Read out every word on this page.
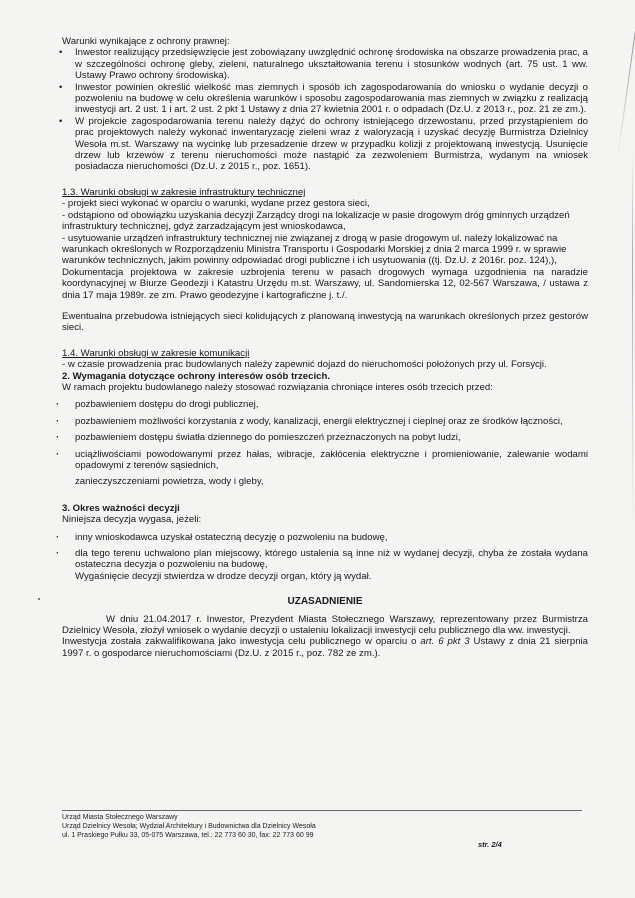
Warunki wynikające z ochrony prawnej:

• Inwestor realizujący przedsięwzięcie jest zobowiązany uwzględnić ochronę środowiska na obszarze prowadzenia prac, a w szczególności ochronę gleby, zieleni, naturalnego ukształtowania terenu i stosunków wodnych (art. 75 ust. 1 ww. Ustawy Prawo ochrony środowiska).
• Inwestor powinien określić wielkość mas ziemnych i sposób ich zagospodarowania do wniosku o wydanie decyzji o pozwoleniu na budowę w celu określenia warunków i sposobu zagospodarowania mas ziemnych w związku z realizacją inwestycji art. 2 ust. 1 i art. 2 ust. 2 pkt 1 Ustawy z dnia 27 kwietnia 2001 r. o odpadach (Dz.U. z 2013 r., poz. 21 ze zm.).
• W projekcie zagospodarowania terenu należy dążyć do ochrony istniejącego drzewostanu, przed przystąpieniem do prac projektowych należy wykonać inwentaryzację zieleni wraz z waloryzacją i uzyskać decyzję Burmistrza Dzielnicy Wesoła m.st. Warszawy na wycinkę lub przesadzenie drzew w przypadku kolizji z projektowaną inwestycją. Usunięcie drzew lub krzewów z terenu nieruchomości może nastąpić za zezwoleniem Burmistrza, wydanym na wniosek posiadacza nieruchomości (Dz.U. z 2015 r., poz. 1651).

1.3. Warunki obsługi w zakresie infrastruktury technicznej

- projekt sieci wykonać w oparciu o warunki, wydane przez gestora sieci,

- odstąpiono od obowiązku uzyskania decyzji Zarządcy drogi na lokalizacje w pasie drogowym dróg gminnych urządzeń infrastruktury technicznej, gdyż zarzadzającym jest wnioskodawca,

- usytuowanie urządzeń infrastruktury technicznej nie związanej z drogą w pasie drogowym ul. należy lokalizować na warunkach określonych w Rozporządzeniu Ministra Transportu i Gospodarki Morskiej z dnia 2 marca 1999 r. w sprawie warunków technicznych, jakim powinny odpowiadać drogi publiczne i ich usytuowania ((tj. Dz.U. z 2016r. poz. 124),),

Dokumentacja projektowa w zakresie uzbrojenia terenu w pasach drogowych wymaga uzgodnienia na naradzie koordynacyjnej w Biurze Geodezji i Katastru Urzędu m.st. Warszawy, ul. Sandomierska 12, 02-567 Warszawa, / ustawa z dnia 17 maja 1989r. ze zm. Prawo geodezyjne i kartograficzne j. t./.

Ewentualna przebudowa istniejących sieci kolidujących z planowaną inwestycją na warunkach określonych przez gestorów sieci.

1.4. Warunki obsługi w zakresie komunikacji

- w czasie prowadzenia prac budowlanych należy zapewnić dojazd do nieruchomości położonych przy ul. Forsycji.

2. Wymagania dotyczące ochrony interesów osób trzecich.

W ramach projektu budowlanego należy stosować rozwiązania chroniące interes osób trzecich przed:

· pozbawieniem dostępu do drogi publicznej,
· pozbawieniem możliwości korzystania z wody, kanalizacji, energii elektrycznej i cieplnej oraz ze środków łączności,
· pozbawieniem dostępu światła dziennego do pomieszczeń przeznaczonych na pobyt ludzi,
· uciążliwościami powodowanymi przez hałas, wibracje, zakłócenia elektryczne i promieniowanie, zalewanie wodami opadowymi z terenów sąsiednich,
zanieczyszczeniami powietrza, wody i gleby,

3. Okres ważności decyzji

Niniejsza decyzja wygasa, jeżeli:

· inny wnioskodawca uzyskał ostateczną decyzję o pozwoleniu na budowę,
· dla tego terenu uchwalono plan miejscowy, którego ustalenia są inne niż w wydanej decyzji, chyba że została wydana ostateczna decyzja o pozwoleniu na budowę,

Wygaśnięcie decyzji stwierdza w drodze decyzji organ, który ją wydał.

UZASADNIENIE

W dniu 21.04.2017 r. Inwestor, Prezydent Miasta Stołecznego Warszawy, reprezentowany przez Burmistrza Dzielnicy Wesoła, złożył wniosek o wydanie decyzji o ustaleniu lokalizacji inwestycji celu publicznego dla ww. inwestycji.

Inwestycja została zakwalifikowana jako inwestycja celu publicznego w oparciu o art. 6 pkt 3 Ustawy z dnia 21 sierpnia 1997 r. o gospodarce nieruchomościami (Dz.U. z 2015 r., poz. 782 ze zm.).

Urząd Miasta Stołecznego Warszawy
Urząd Dzielnicy Wesoła; Wydział Architektury i Budownictwa dla Dzielnicy Wesoła
ul. 1 Praskiego Pułku 33, 05-075 Warszawa, tel.: 22 773 60 30, fax: 22 773 60 99
str. 2/4
